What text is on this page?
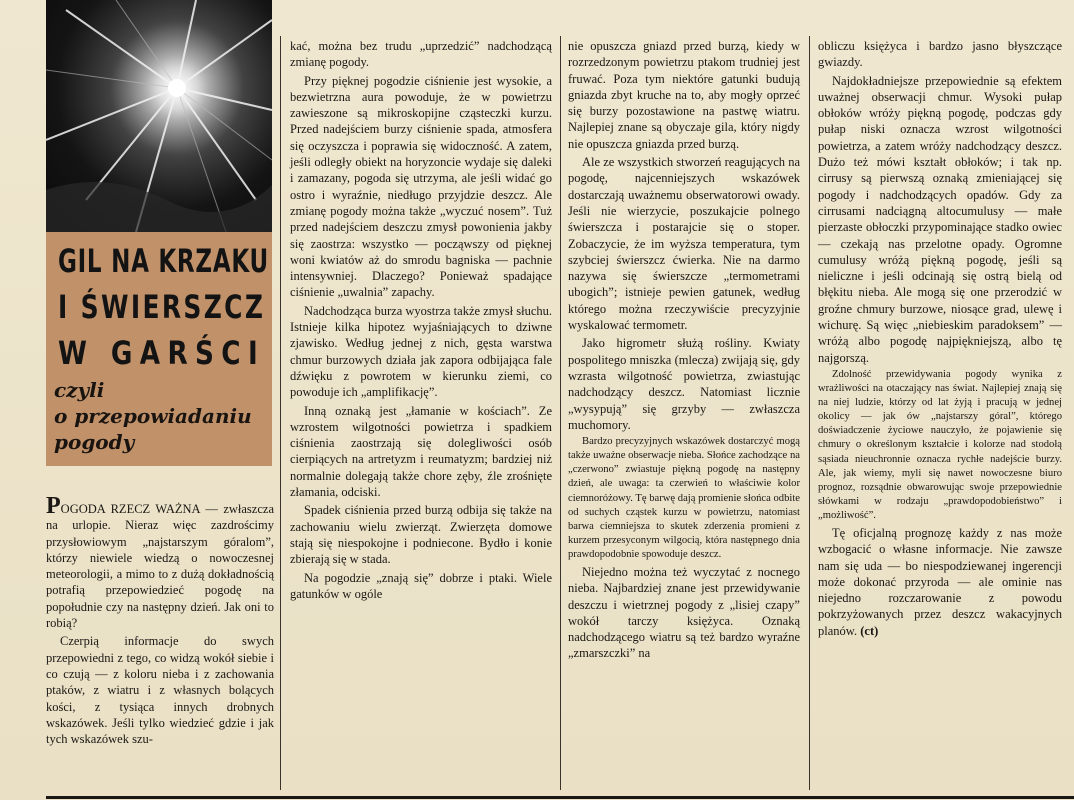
GIL NA KRZAKU

I ŚWIERSZCZ

W GARŚCI

czyli

o przepowiadaniu

pogody

POGODA RZECZ WAŻNA — zwłaszcza na urlopie. Nieraz więc zazdrościmy przysłowiowym „najstarszym góralom”, którzy niewiele wiedzą o nowoczesnej meteorologii, a mimo to z dużą dokładnością potrafią przepowiedzieć pogodę na popołudnie czy na następny dzień. Jak oni to robią?

Czerpią informacje do swych przepowiedni z tego, co widzą wokół siebie i co czują — z koloru nieba i z zachowania ptaków, z wiatru i z własnych bolących kości, z tysiąca innych drobnych wskazówek. Jeśli tylko wiedzieć gdzie i jak tych wskazówek szu-

kać, można bez trudu „uprzedzić” nadchodzącą zmianę pogody.

Przy pięknej pogodzie ciśnienie jest wysokie, a bezwietrzna aura powoduje, że w powietrzu zawieszone są mikroskopijne cząsteczki kurzu. Przed nadejściem burzy ciśnienie spada, atmosfera się oczyszcza i poprawia się widoczność. A zatem, jeśli odległy obiekt na horyzoncie wydaje się daleki i zamazany, pogoda się utrzyma, ale jeśli widać go ostro i wyraźnie, niedługo przyjdzie deszcz. Ale zmianę pogody można także „wyczuć nosem”. Tuż przed nadejściem deszczu zmysł powonienia jakby się zaostrza: wszystko — począwszy od pięknej woni kwiatów aż do smrodu bagniska — pachnie intensywniej. Dlaczego? Ponieważ spadające ciśnienie „uwalnia” zapachy.

Nadchodząca burza wyostrza także zmysł słuchu. Istnieje kilka hipotez wyjaśniających to dziwne zjawisko. Według jednej z nich, gęsta warstwa chmur burzowych działa jak zapora odbijająca fale dźwięku z powrotem w kierunku ziemi, co powoduje ich „amplifikację”.

Inną oznaką jest „łamanie w kościach”. Ze wzrostem wilgotności powietrza i spadkiem ciśnienia zaostrzają się dolegliwości osób cierpiących na artretyzm i reumatyzm; bardziej niż normalnie dolegają także chore zęby, źle zrośnięte złamania, odciski.

Spadek ciśnienia przed burzą odbija się także na zachowaniu wielu zwierząt. Zwierzęta domowe stają się niespokojne i podniecone. Bydło i konie zbierają się w stada.

Na pogodzie „znają się” dobrze i ptaki. Wiele gatunków w ogóle

nie opuszcza gniazd przed burzą, kiedy w rozrzedzonym powietrzu ptakom trudniej jest fruwać. Poza tym niektóre gatunki budują gniazda zbyt kruche na to, aby mogły oprzeć się burzy pozostawione na pastwę wiatru. Najlepiej znane są obyczaje gila, który nigdy nie opuszcza gniazda przed burzą.

Ale ze wszystkich stworzeń reagujących na pogodę, najcenniejszych wskazówek dostarczają uważnemu obserwatorowi owady. Jeśli nie wierzycie, poszukajcie polnego świerszcza i postarajcie się o stoper. Zobaczycie, że im wyższa temperatura, tym szybciej świerszcz ćwierka. Nie na darmo nazywa się świerszcze „termometrami ubogich”; istnieje pewien gatunek, według którego można rzeczywiście precyzyjnie wyskalować termometr.

Jako higrometr służą rośliny. Kwiaty pospolitego mniszka (mlecza) zwijają się, gdy wzrasta wilgotność powietrza, zwiastując nadchodzący deszcz. Natomiast licznie „wysypują” się grzyby — zwłaszcza muchomory.

Bardzo precyzyjnych wskazówek dostarczyć mogą także uważne obserwacje nieba. Słońce zachodzące na „czerwono” zwiastuje piękną pogodę na następny dzień, ale uwaga: ta czerwień to właściwie kolor ciemnoróżowy. Tę barwę dają promienie słońca odbite od suchych cząstek kurzu w powietrzu, natomiast barwa ciemniejsza to skutek zderzenia promieni z kurzem przesyconym wilgocią, która następnego dnia prawdopodobnie spowoduje deszcz.

Niejedno można też wyczytać z nocnego nieba. Najbardziej znane jest przewidywanie deszczu i wietrznej pogody z „lisiej czapy” wokół tarczy księżyca. Oznaką nadchodzącego wiatru są też bardzo wyraźne „zmarszczki” na

obliczu księżyca i bardzo jasno błyszczące gwiazdy.

Najdokładniejsze przepowiednie są efektem uważnej obserwacji chmur. Wysoki pułap obłoków wróży piękną pogodę, podczas gdy pułap niski oznacza wzrost wilgotności powietrza, a zatem wróży nadchodzący deszcz. Dużo też mówi kształt obłoków; i tak np. cirrusy są pierwszą oznaką zmieniającej się pogody i nadchodzących opadów. Gdy za cirrusami nadciągną altocumulusy — małe pierzaste obłoczki przypominające stadko owiec — czekają nas przelotne opady. Ogromne cumulusy wróżą piękną pogodę, jeśli są nieliczne i jeśli odcinają się ostrą bielą od błękitu nieba. Ale mogą się one przerodzić w groźne chmury burzowe, niosące grad, ulewę i wichurę. Są więc „niebieskim paradoksem” — wróżą albo pogodę najpiękniejszą, albo tę najgorszą.

Zdolność przewidywania pogody wynika z wrażliwości na otaczający nas świat. Najlepiej znają się na niej ludzie, którzy od lat żyją i pracują w jednej okolicy — jak ów „najstarszy góral”, którego doświadczenie życiowe nauczyło, że pojawienie się chmury o określonym kształcie i kolorze nad stodołą sąsiada nieuchronnie oznacza rychłe nadejście burzy. Ale, jak wiemy, myli się nawet nowoczesne biuro prognoz, rozsądnie obwarowując swoje przepowiednie słówkami w rodzaju „prawdopodobieństwo” i „możliwość”.

Tę oficjalną prognozę każdy z nas może wzbogacić o własne informacje. Nie zawsze nam się uda — bo niespodziewanej ingerencji może dokonać przyroda — ale ominie nas niejedno rozczarowanie z powodu pokrzyżowanych przez deszcz wakacyjnych planów. (ct)
